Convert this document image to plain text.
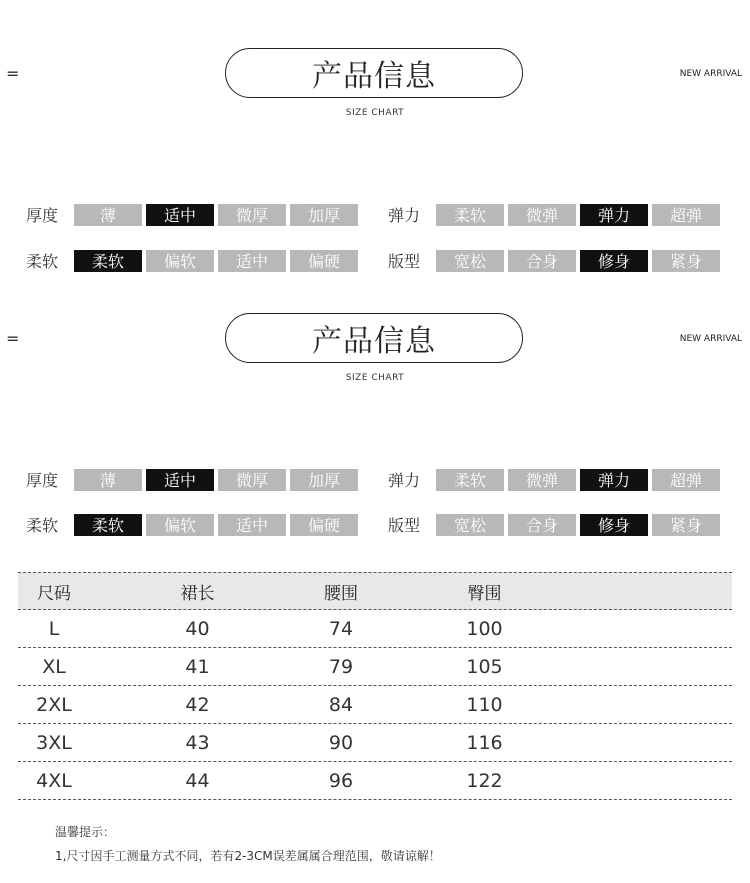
=	产品信息
SIZE CHART
NEW ARRIVAL
厚度	薄	适中	微厚	加厚	弹力	柔软	微弹	弹力	超弹
柔软	柔软	偏软	适中	偏硬	版型	宽松	合身	修身	紧身
=	产品信息
SIZE CHART
NEW ARRIVAL
厚度	薄	适中	微厚	加厚	弹力	柔软	微弹	弹力	超弹
柔软	柔软	偏软	适中	偏硬	版型	宽松	合身	修身	紧身
尺码	裙长	腰围	臀围
L	40	74	100
XL	41	79	105
2XL	42	84	110
3XL	43	90	116
4XL	44	96	122
温馨提示：
1,尺寸因手工测量方式不同，若有2-3CM误差属属合理范围，敬请谅解！
